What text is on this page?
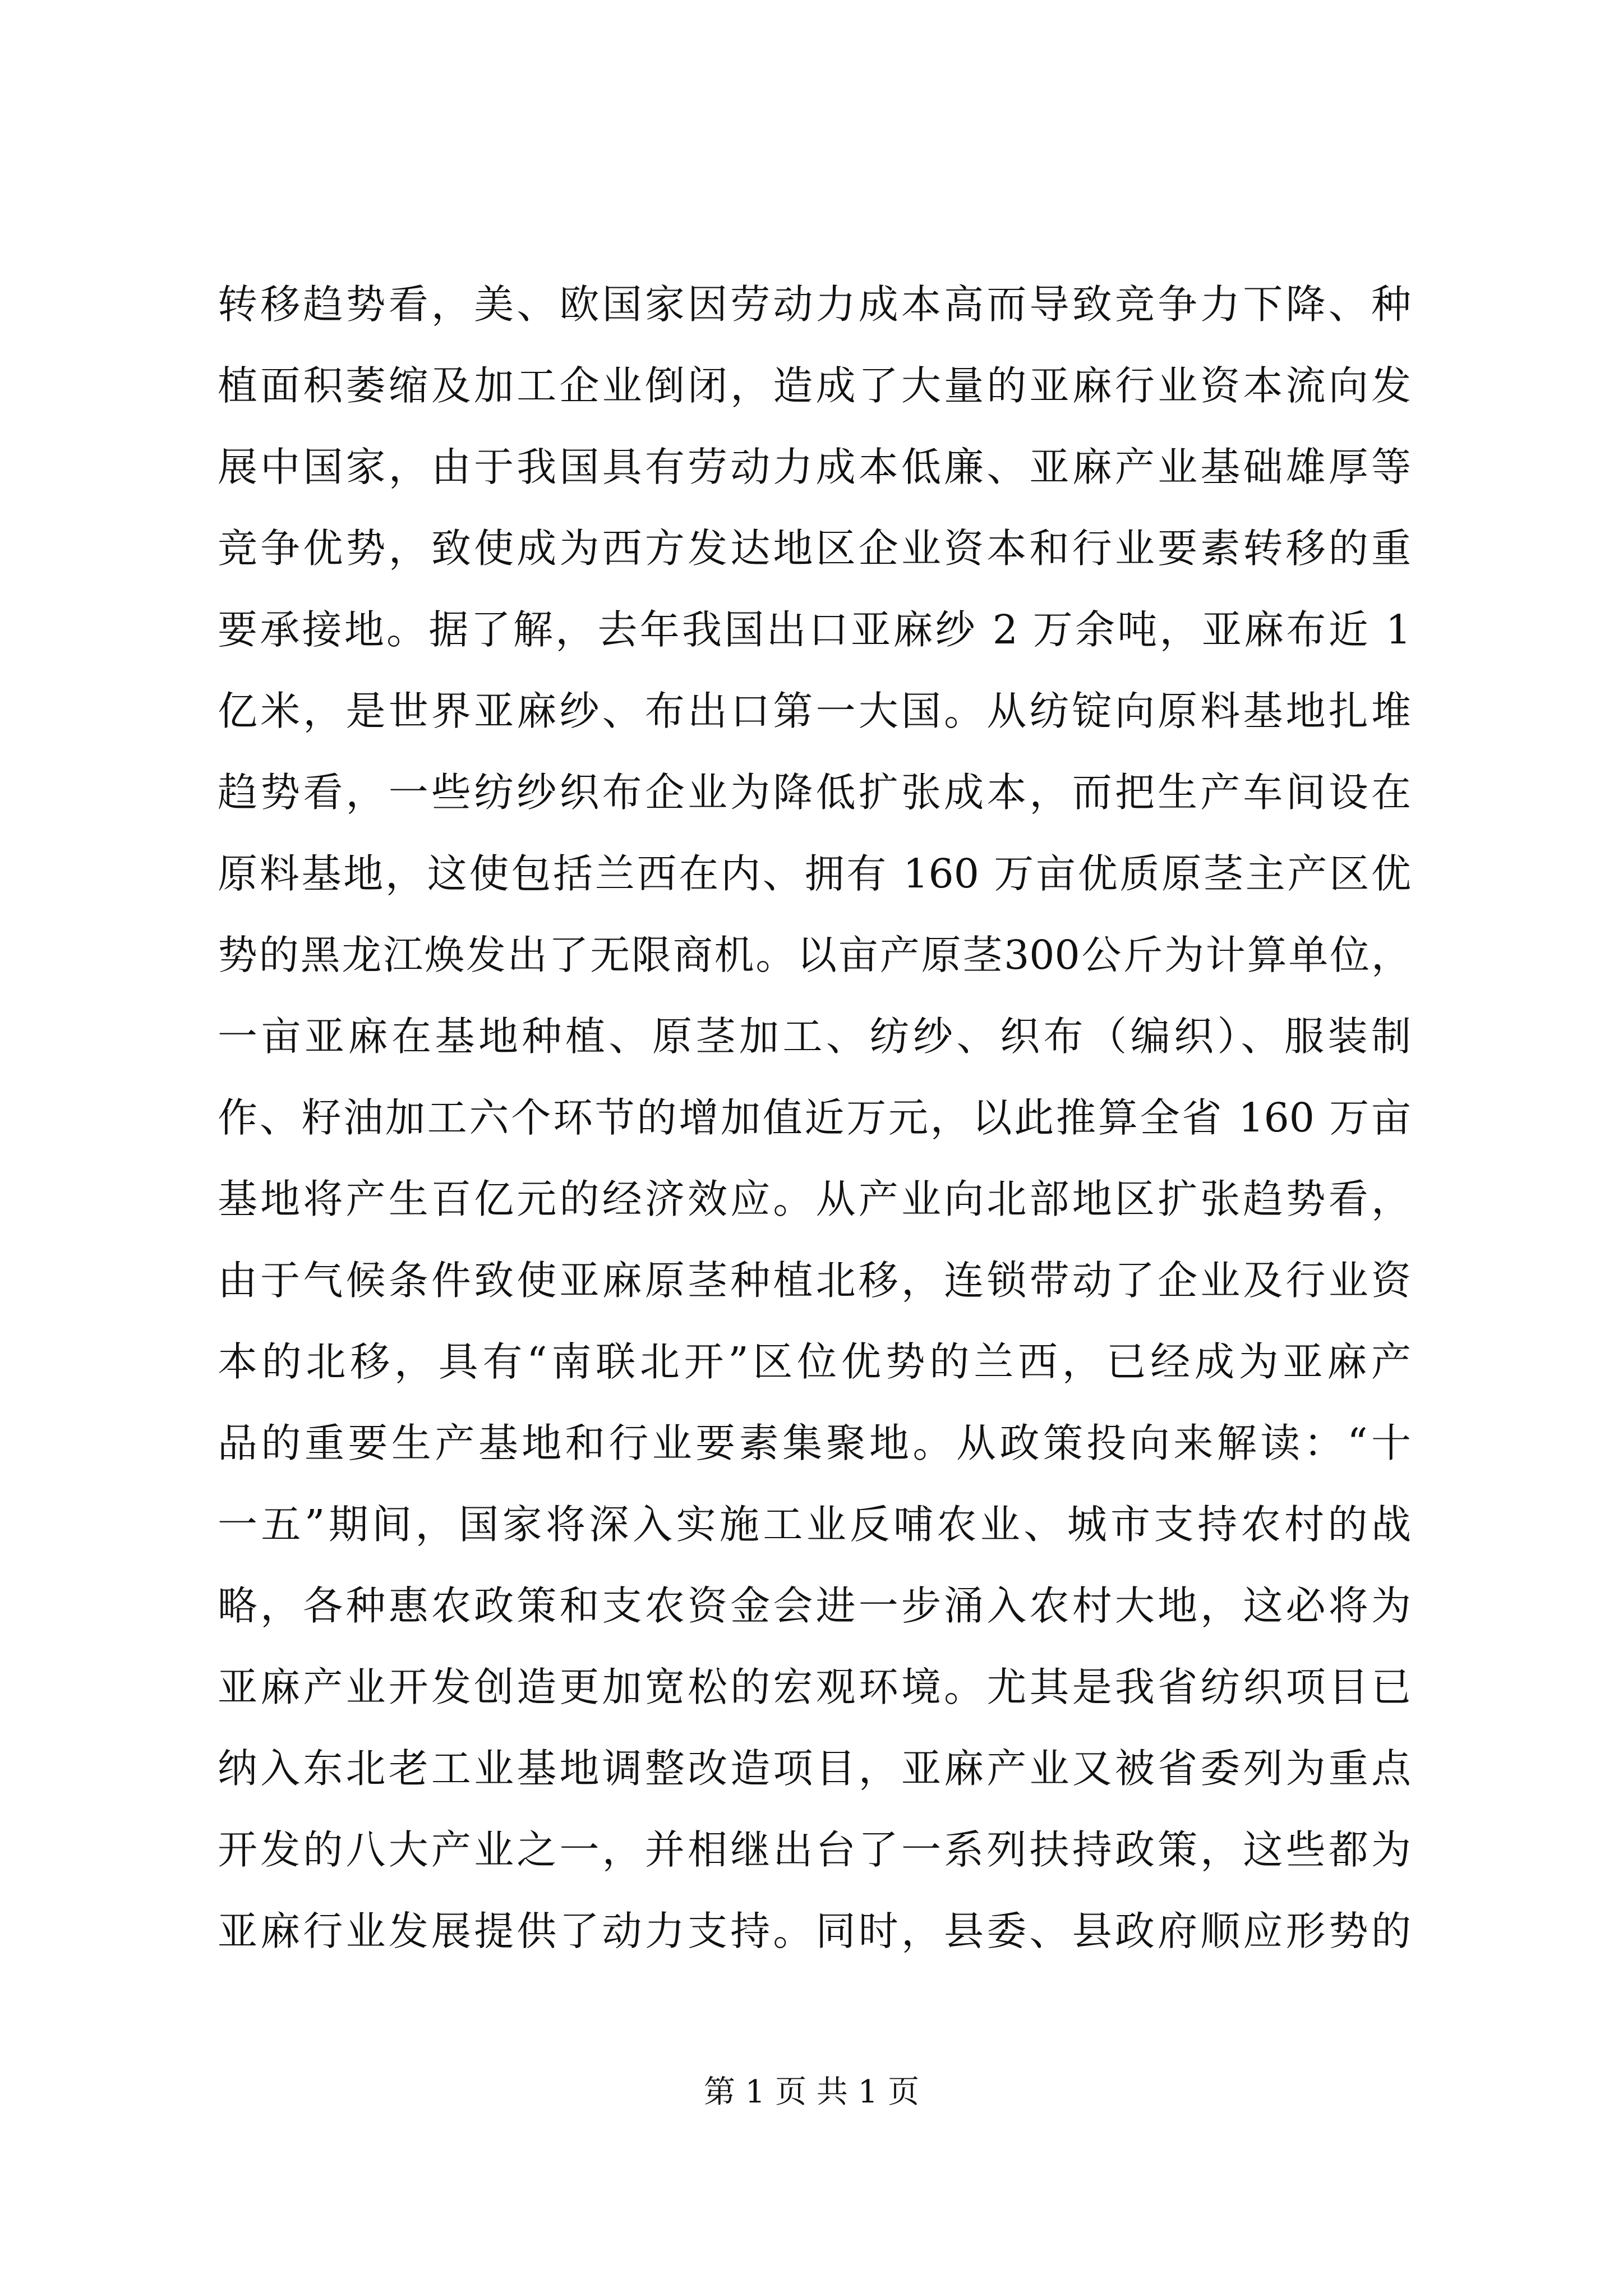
转移趋势看，美、欧国家因劳动力成本高而导致竞争力下降、种
植面积萎缩及加工企业倒闭，造成了大量的亚麻行业资本流向发
展中国家，由于我国具有劳动力成本低廉、亚麻产业基础雄厚等
竞争优势，致使成为西方发达地区企业资本和行业要素转移的重
要承接地。据了解，去年我国出口亚麻纱 2 万余吨，亚麻布近 1
亿米，是世界亚麻纱、布出口第一大国。从纺锭向原料基地扎堆
趋势看，一些纺纱织布企业为降低扩张成本，而把生产车间设在
原料基地，这使包括兰西在内、拥有 160 万亩优质原茎主产区优
势的黑龙江焕发出了无限商机。以亩产原茎300公斤为计算单位，
一亩亚麻在基地种植、原茎加工、纺纱、织布（编织）、服装制
作、籽油加工六个环节的增加值近万元，以此推算全省 160 万亩
基地将产生百亿元的经济效应。从产业向北部地区扩张趋势看，
由于气候条件致使亚麻原茎种植北移，连锁带动了企业及行业资
本的北移，具有“南联北开”区位优势的兰西，已经成为亚麻产
品的重要生产基地和行业要素集聚地。从政策投向来解读：“十
一五”期间，国家将深入实施工业反哺农业、城市支持农村的战
略，各种惠农政策和支农资金会进一步涌入农村大地，这必将为
亚麻产业开发创造更加宽松的宏观环境。尤其是我省纺织项目已
纳入东北老工业基地调整改造项目，亚麻产业又被省委列为重点
开发的八大产业之一，并相继出台了一系列扶持政策，这些都为
亚麻行业发展提供了动力支持。同时，县委、县政府顺应形势的
第 1 页 共 1 页
